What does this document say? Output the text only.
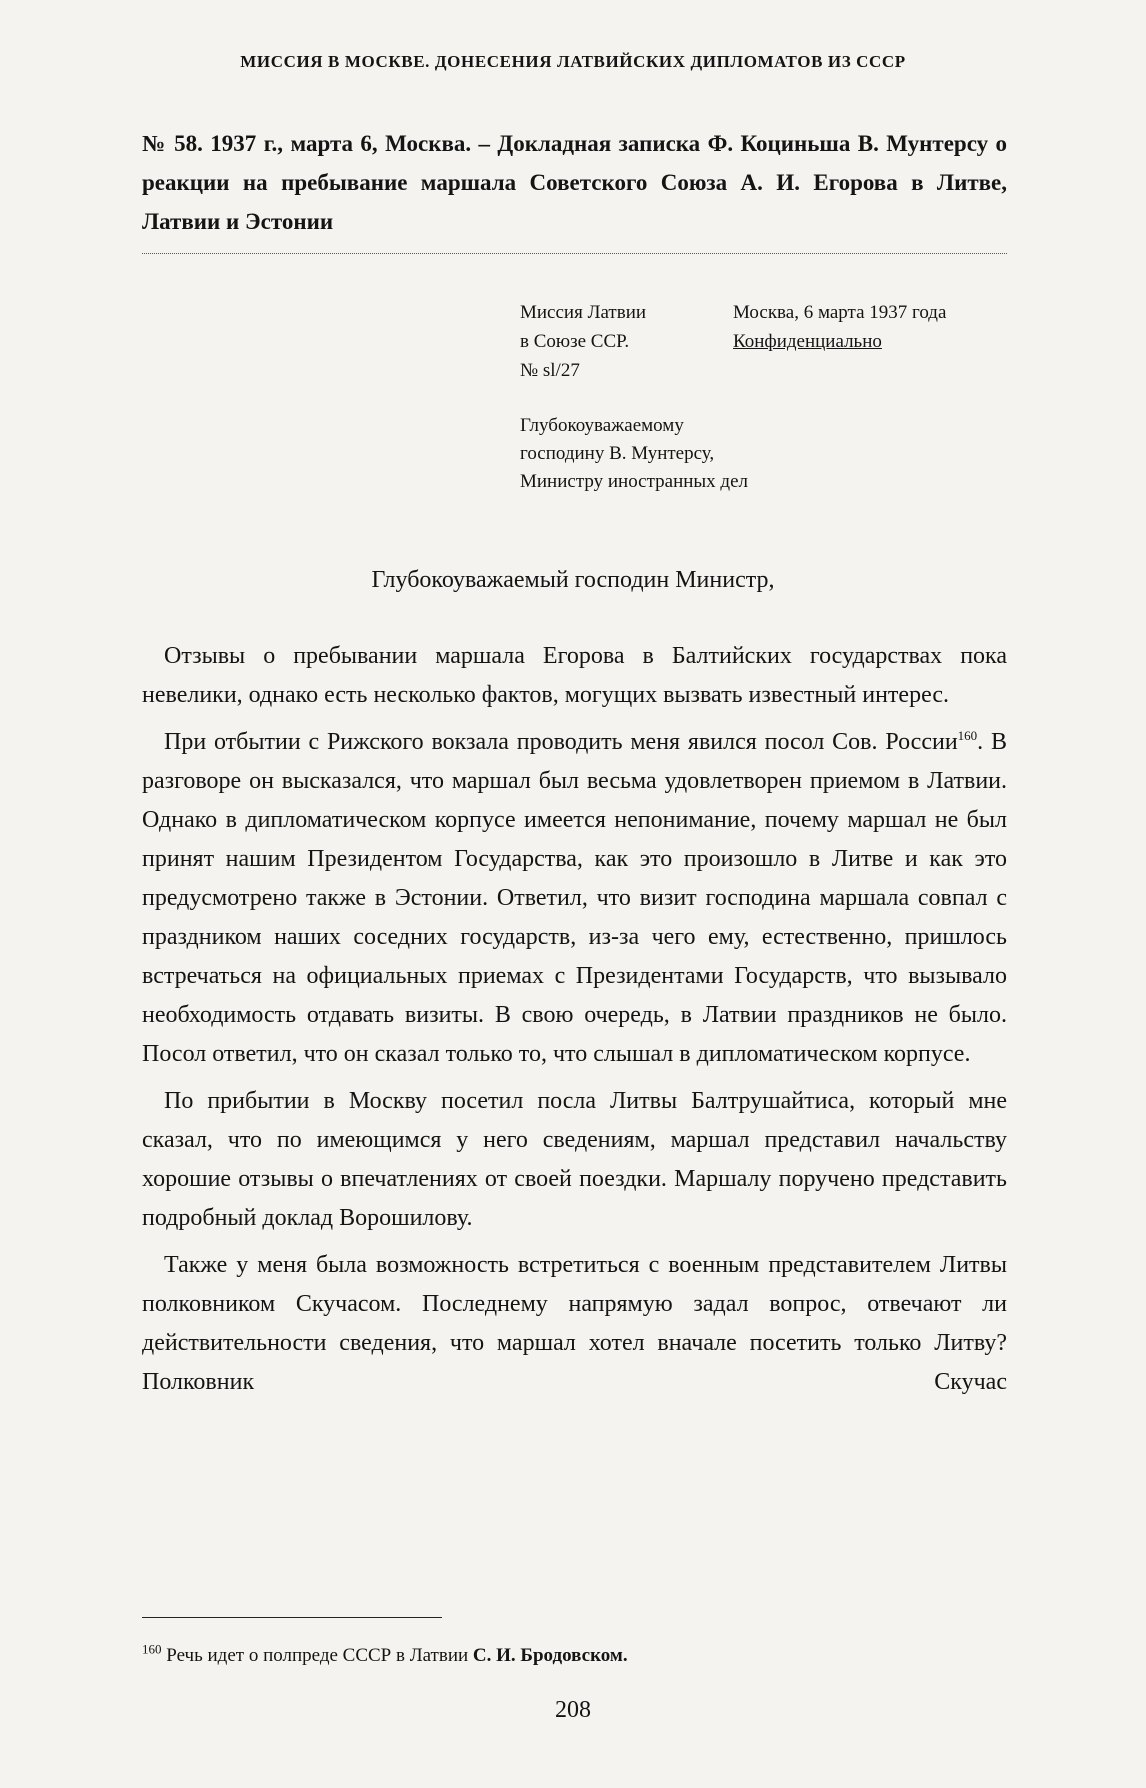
МИССИЯ В МОСКВЕ. ДОНЕСЕНИЯ ЛАТВИЙСКИХ ДИПЛОМАТОВ ИЗ СССР
№ 58. 1937 г., марта 6, Москва. – Докладная записка Ф. Коциньша В. Мунтерсу о реакции на пребывание маршала Советского Союза А. И. Егорова в Литве, Латвии и Эстонии
Миссия Латвии	Москва, 6 марта 1937 года
в Союзе ССР.	Конфиденциально
№ sl/27
Глубокоуважаемому
господину В. Мунтерсу,
Министру иностранных дел
Глубокоуважаемый господин Министр,

Отзывы о пребывании маршала Егорова в Балтийских государствах пока невелики, однако есть несколько фактов, могущих вызвать известный интерес.

При отбытии с Рижского вокзала проводить меня явился посол Сов. России$^{160}$. В разговоре он высказался, что маршал был весьма удовлетворен приемом в Латвии. Однако в дипломатическом корпусе имеется непонимание, почему маршал не был принят нашим Президентом Государства, как это произошло в Литве и как это предусмотрено также в Эстонии. Ответил, что визит господина маршала совпал с праздником наших соседних государств, из-за чего ему, естественно, пришлось встречаться на официальных приемах с Президентами Государств, что вызывало необходимость отдавать визиты. В свою очередь, в Латвии праздников не было. Посол ответил, что он сказал только то, что слышал в дипломатическом корпусе.

По прибытии в Москву посетил посла Литвы Балтрушайтиса, который мне сказал, что по имеющимся у него сведениям, маршал представил начальству хорошие отзывы о впечатлениях от своей поездки. Маршалу поручено представить подробный доклад Ворошилову.

Также у меня была возможность встретиться с военным представителем Литвы полковником Скучасом. Последнему напрямую задал вопрос, отвечают ли действительности сведения, что маршал хотел вначале посетить только Литву? Полковник Скучас

$^{160}$ Речь идет о полпреде СССР в Латвии С. И. Бродовском.
208
